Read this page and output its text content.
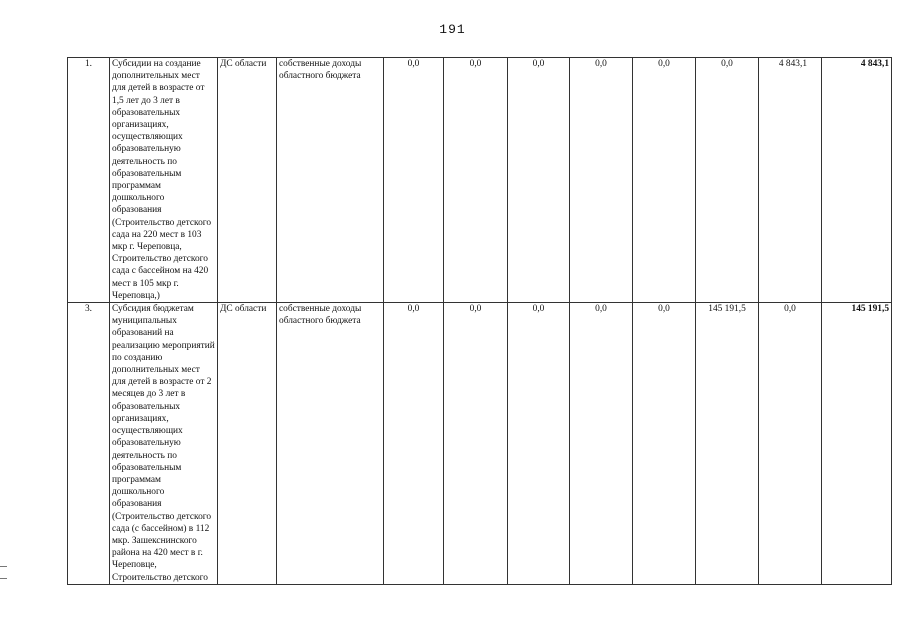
191
1.	Субсидии на создание дополнительных мест для детей в возрасте от 1,5 лет до 3 лет в образовательных организациях, осуществляющих образовательную деятельность по образовательным программам дошкольного образования (Строительство детского сада на 220 мест в 103 мкр г. Череповца, Строительство детского сада с бассейном на 420 мест в 105 мкр г. Череповца,)	ДС области	собственные доходы областного бюджета	0,0	0,0	0,0	0,0	0,0	0,0	4 843,1	4 843,1
3.	Субсидия бюджетам муниципальных образований на реализацию мероприятий по созданию дополнительных мест для детей в возрасте от 2 месяцев до 3 лет в образовательных организациях, осуществляющих образовательную деятельность по образовательным программам дошкольного образования (Строительство детского сада (с бассейном) в 112 мкр. Зашекснинского района на 420 мест в г. Череповце, Строительство детского	ДС области	собственные доходы областного бюджета	0,0	0,0	0,0	0,0	0,0	145 191,5	0,0	145 191,5
